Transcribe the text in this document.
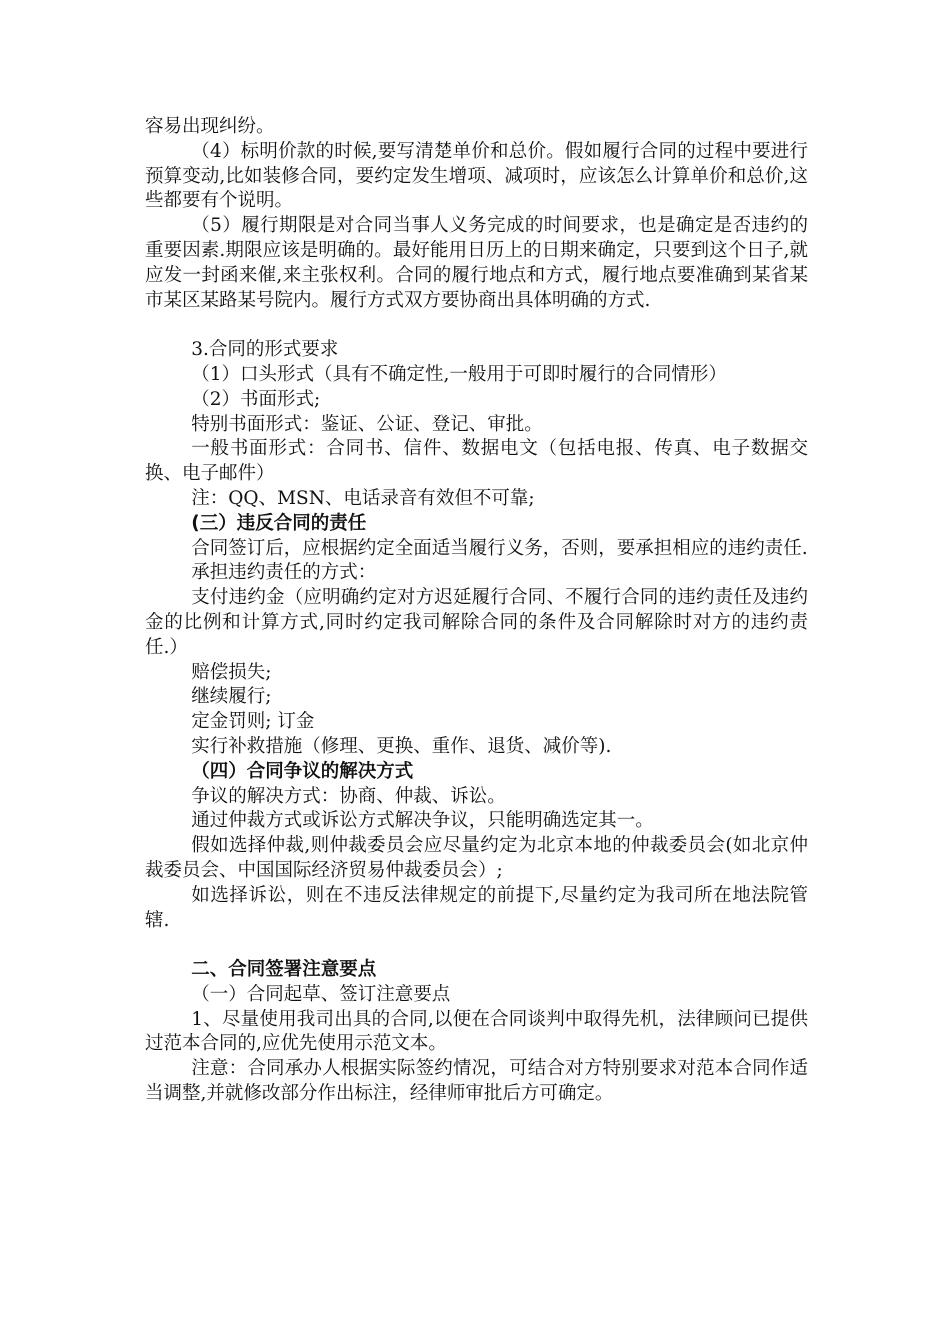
容易出现纠纷。

（4）标明价款的时候,要写清楚单价和总价。假如履行合同的过程中要进行预算变动,比如装修合同，要约定发生增项、减项时，应该怎么计算单价和总价,这些都要有个说明。

（5）履行期限是对合同当事人义务完成的时间要求，也是确定是否违约的重要因素.期限应该是明确的。最好能用日历上的日期来确定，只要到这个日子,就应发一封函来催,来主张权利。合同的履行地点和方式，履行地点要准确到某省某市某区某路某号院内。履行方式双方要协商出具体明确的方式.

3.合同的形式要求

（1）口头形式（具有不确定性,一般用于可即时履行的合同情形）

（2）书面形式;

特别书面形式：鉴证、公证、登记、审批。

一般书面形式：合同书、信件、数据电文（包括电报、传真、电子数据交换、电子邮件）

注：QQ、MSN、电话录音有效但不可靠;

(三）违反合同的责任

合同签订后，应根据约定全面适当履行义务，否则，要承担相应的违约责任.

承担违约责任的方式：

支付违约金（应明确约定对方迟延履行合同、不履行合同的违约责任及违约金的比例和计算方式,同时约定我司解除合同的条件及合同解除时对方的违约责任.）

赔偿损失;

继续履行;

定金罚则; 订金

实行补救措施（修理、更换、重作、退货、减价等).

（四）合同争议的解决方式

争议的解决方式：协商、仲裁、诉讼。

通过仲裁方式或诉讼方式解决争议，只能明确选定其一。

假如选择仲裁,则仲裁委员会应尽量约定为北京本地的仲裁委员会(如北京仲裁委员会、中国国际经济贸易仲裁委员会）;

如选择诉讼，则在不违反法律规定的前提下,尽量约定为我司所在地法院管辖.

二、合同签署注意要点

（一）合同起草、签订注意要点

1、尽量使用我司出具的合同,以便在合同谈判中取得先机，法律顾问已提供过范本合同的,应优先使用示范文本。

注意：合同承办人根据实际签约情况，可结合对方特别要求对范本合同作适当调整,并就修改部分作出标注，经律师审批后方可确定。
